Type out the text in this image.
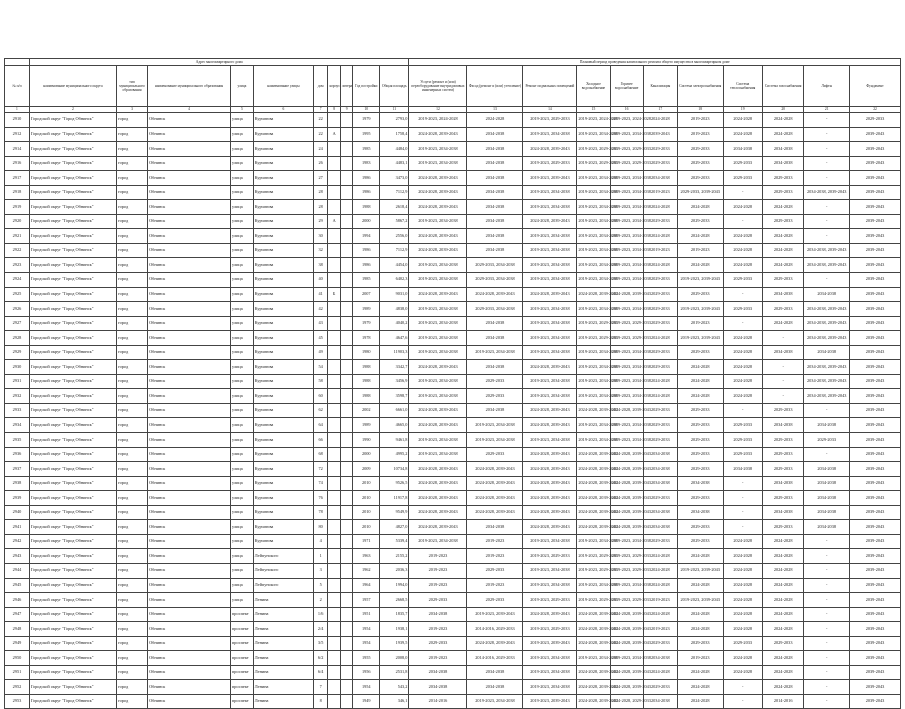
	Адрес многоквартирного дома										Плановый период проведения капитального ремонта общего имущества в многоквартирном доме										
№ п/п	наименование муниципального округа	тип муниципального образования	наименование муниципального образования	улица	наименование улицы	дом	корпус	литера	Год постройки	Общая площадь	Услуги (ремонт и (или) переоборудование внутридомовых инженерных систем)	Фасад (ремонт и (или) утепление)	Ремонт подвальных помещений	Холодное водоснабжение	Горячее водоснабжение	Канализация	Система электроснабжения	Система теплоснабжения	Система газоснабжения	Лифты	Фундамент
1	2	3	4	5	6	7	8	9	10	11	12	13	14	15	16	17	18	19	20	21	22
2910	Городской округ "Город Обнинск"	город	Обнинск	улица	Курчатова	22			1979	2793,0	2019-2023, 2024-2028	2024-2028	2019-2023, 2029-2033	2019-2023, 2024-2028	2019-2023, 2024-2028	2024-2028	2019-2023	2024-2028	2024-2028	-	2029-2033
2912	Городской округ "Город Обнинск"	город	Обнинск	улица	Курчатова	22	А		1995	1758,4	2024-2028, 2039-2043	2034-2038	2019-2023, 2034-2038	2019-2023, 2034-2038	2019-2023, 2034-2038	2039-2043	2019-2023	2024-2028	2024-2028	-	2039-2043
2914	Городской округ "Город Обнинск"	город	Обнинск	улица	Курчатова	24			1985	4484,0	2019-2023, 2034-2038	2034-2038	2024-2028, 2039-2043	2019-2023, 2029-2033	2019-2023, 2029-2033	2029-2033	2029-2033	2034-2038	2034-2038	-	2039-2043
2916	Городской округ "Город Обнинск"	город	Обнинск	улица	Курчатова	26			1983	4483,1	2019-2023, 2034-2038	2034-2038	2019-2023, 2029-2033	2019-2023, 2029-2033	2019-2023, 2029-2033	2029-2033	2029-2033	2029-2033	2034-2038	-	2039-2043
2917	Городской округ "Город Обнинск"	город	Обнинск	улица	Курчатова	27			1986	3473,0	2024-2028, 2039-2043	2034-2038	2019-2023, 2039-2043	2019-2023, 2034-2038	2019-2023, 2034-2038	2034-2038	2029-2033	2029-2033	2029-2033	-	2039-2043
2918	Городской округ "Город Обнинск"	город	Обнинск	улица	Курчатова	28			1986	7112,9	2024-2028, 2039-2043	2034-2038	2019-2023, 2034-2038	2019-2023, 2034-2038	2019-2023, 2034-2038	2019-2023	2029-2033, 2039-2043	-	2029-2033	2034-2038, 2039-2043	2039-2043
2919	Городской округ "Город Обнинск"	город	Обнинск	улица	Курчатова	28			1988	2618,4	2024-2028, 2039-2043	2034-2038	2019-2023, 2034-2038	2019-2023, 2034-2038	2019-2023, 2034-2038	2024-2028	2024-2028	2024-2028	2024-2028	-	2039-2043
2920	Городской округ "Город Обнинск"	город	Обнинск	улица	Курчатова	29	А		2000	5867,2	2019-2023, 2034-2038	2034-2038	2024-2028, 2039-2043	2019-2023, 2034-2038	2019-2023, 2034-2038	2029-2033	2029-2033	-	2029-2033	-	2039-2043
2921	Городской округ "Город Обнинск"	город	Обнинск	улица	Курчатова	30			1994	2556,0	2024-2028, 2039-2043	2034-2038	2019-2023, 2034-2038	2019-2023, 2034-2038	2019-2023, 2034-2038	2024-2028	2024-2028	2024-2028	2024-2028	-	2039-2043
2922	Городской округ "Город Обнинск"	город	Обнинск	улица	Курчатова	32			1986	7112,9	2024-2028, 2039-2043	2034-2038	2019-2023, 2034-2038	2019-2023, 2034-2038	2019-2023, 2034-2038	2019-2023	2019-2023	2024-2028	2024-2028	2034-2038, 2039-2043	2039-2043
2923	Городской округ "Город Обнинск"	город	Обнинск	улица	Курчатова	38			1986	4454,0	2019-2023, 2034-2038	2029-2033, 2034-2038	2019-2023, 2034-2038	2019-2023, 2034-2038	2019-2023, 2034-2038	2024-2028	2024-2028	2024-2028	2024-2028	2034-2038, 2039-2043	2039-2043
2924	Городской округ "Город Обнинск"	город	Обнинск	улица	Курчатова	40			1985	6402,3	2019-2023, 2034-2038	2029-2033, 2034-2038	2019-2023, 2034-2038	2019-2023, 2034-2038	2019-2023, 2034-2038	2029-2033	2019-2023, 2039-2043	2029-2033	2029-2033	-	2039-2043
2925	Городской округ "Город Обнинск"	город	Обнинск	улица	Курчатова	41	Б		2007	9031,0	2024-2028, 2039-2043	2024-2028, 2039-2043	2024-2028, 2039-2043	2024-2028, 2039-2043	2024-2028, 2039-2043	2029-2033	2029-2033	-	2034-2038	2034-2038	2039-2043
2926	Городской округ "Город Обнинск"	город	Обнинск	улица	Курчатова	42			1989	4838,0	2019-2023, 2034-2038	2029-2033, 2034-2038	2019-2023, 2034-2038	2019-2023, 2034-2038	2019-2023, 2034-2038	2029-2033	2019-2023, 2039-2043	2029-2033	2029-2033	2034-2038, 2039-2043	2039-2043
2927	Городской округ "Город Обнинск"	город	Обнинск	улица	Курчатова	43			1979	4040,2	2019-2023, 2034-2038	2034-2038	2019-2023, 2034-2038	2019-2023, 2029-2033	2019-2023, 2029-2033	2029-2033	2019-2023	-	2024-2028	2034-2038, 2039-2043	2039-2043
2928	Городской округ "Город Обнинск"	город	Обнинск	улица	Курчатова	45			1978	4647,6	2019-2023, 2034-2038	2034-2038	2019-2023, 2034-2038	2019-2023, 2029-2033	2019-2023, 2029-2033	2024-2028	2019-2023, 2039-2043	2024-2028	-	2034-2038, 2039-2043	2039-2043
2929	Городской округ "Город Обнинск"	город	Обнинск	улица	Курчатова	49			1980	11903,3	2019-2023, 2034-2038	2019-2023, 2034-2038	2019-2023, 2034-2038	2019-2023, 2034-2038	2019-2023, 2034-2038	2029-2033	2029-2033	2024-2028	2034-2038	2034-2038	2039-2043
2930	Городской округ "Город Обнинск"	город	Обнинск	улица	Курчатова	54			1988	3342,7	2024-2028, 2039-2043	2034-2038	2024-2028, 2039-2043	2019-2023, 2034-2038	2019-2023, 2034-2038	2029-2033	2024-2028	2024-2028	-	2034-2038, 2039-2043	2039-2043
2931	Городской округ "Город Обнинск"	город	Обнинск	улица	Курчатова	58			1988	3456,9	2019-2023, 2034-2038	2029-2033	2019-2023, 2034-2038	2019-2023, 2034-2038	2019-2023, 2034-2038	2024-2028	2024-2028	2024-2028	-	2034-2038, 2039-2043	2039-2043
2932	Городской округ "Город Обнинск"	город	Обнинск	улица	Курчатова	60			1988	3598,7	2019-2023, 2034-2038	2029-2033	2019-2023, 2034-2038	2019-2023, 2034-2038	2019-2023, 2034-2038	2024-2028	2024-2028	2024-2028	-	2034-2038, 2039-2043	2039-2043
2933	Городской округ "Город Обнинск"	город	Обнинск	улица	Курчатова	62			2002	6661,0	2024-2028, 2039-2043	2034-2038	2024-2028, 2039-2043	2024-2028, 2039-2043	2024-2028, 2039-2043	2029-2033	2029-2033	-	2029-2033	-	2039-2043
2934	Городской округ "Город Обнинск"	город	Обнинск	улица	Курчатова	64			1989	4665,0	2024-2028, 2039-2043	2019-2023, 2034-2038	2024-2028, 2039-2043	2019-2023, 2034-2038	2019-2023, 2034-2038	2029-2033	2029-2033	2029-2033	2034-2038	2034-2038	2039-2043
2935	Городской округ "Город Обнинск"	город	Обнинск	улица	Курчатова	66			1990	9461,8	2019-2023, 2034-2038	2019-2023, 2034-2038	2019-2023, 2034-2038	2019-2023, 2034-2038	2019-2023, 2034-2038	2029-2033	2029-2033	2029-2033	2029-2033	2029-2033	2039-2043
2936	Городской округ "Город Обнинск"	город	Обнинск	улица	Курчатова	68			2000	4995,2	2019-2023, 2034-2038	2029-2033	2024-2028, 2039-2043	2024-2028, 2039-2043	2024-2028, 2039-2043	2034-2038	2029-2033	2029-2033	2029-2033	-	2039-2043
2937	Городской округ "Город Обнинск"	город	Обнинск	улица	Курчатова	72			2009	10734,8	2024-2028, 2039-2043	2024-2028, 2039-2043	2024-2028, 2039-2043	2024-2028, 2039-2043	2024-2028, 2039-2043	2034-2038	2029-2033	2034-2038	2029-2033	2034-2038	2039-2043
2938	Городской округ "Город Обнинск"	город	Обнинск	улица	Курчатова	74			2010	9526,5	2024-2028, 2039-2043	2024-2028, 2039-2043	2024-2028, 2039-2043	2024-2028, 2039-2043	2024-2028, 2039-2043	2034-2038	2034-2038	-	2034-2038	2034-2038	2039-2043
2939	Городской округ "Город Обнинск"	город	Обнинск	улица	Курчатова	76			2010	11917,8	2024-2028, 2039-2043	2024-2028, 2039-2043	2024-2028, 2039-2043	2024-2028, 2039-2043	2024-2028, 2039-2043	2029-2033	2029-2033	-	2029-2033	2034-2038	2039-2043
2940	Городской округ "Город Обнинск"	город	Обнинск	улица	Курчатова	78			2010	9549,9	2024-2028, 2039-2043	2024-2028, 2039-2043	2024-2028, 2039-2043	2024-2028, 2039-2043	2024-2028, 2039-2043	2034-2038	2034-2038	-	2034-2038	2034-2038	2039-2043
2941	Городской округ "Город Обнинск"	город	Обнинск	улица	Курчатова	80			2010	4827,0	2024-2028, 2039-2043	2034-2038	2024-2028, 2039-2043	2024-2028, 2039-2043	2024-2028, 2039-2043	2034-2038	2029-2033	-	2029-2033	2034-2038	2039-2043
2942	Городской округ "Город Обнинск"	город	Обнинск	улица	Курчатова	4			1971	5339,4	2019-2023, 2034-2038	2019-2023	2019-2023, 2034-2038	2019-2023, 2034-2038	2019-2023, 2034-2038	2029-2033	2029-2033	2024-2028	2024-2028	-	2039-2043
2943	Городской округ "Город Обнинск"	город	Обнинск	улица	Лейпунского	1			1963	2155,2	2019-2023	2019-2023	2019-2023, 2029-2033	2019-2023, 2029-2033	2019-2023, 2029-2033	2024-2028	2024-2028	2024-2028	2024-2028	-	2039-2043
2944	Городской округ "Город Обнинск"	город	Обнинск	улица	Лейпунского	3			1962	2036,3	2019-2023	2029-2033	2019-2023, 2034-2038	2019-2023, 2029-2033	2019-2023, 2029-2033	2024-2028	2019-2023, 2039-2043	2024-2028	2024-2028	-	2039-2043
2945	Городской округ "Город Обнинск"	город	Обнинск	улица	Лейпунского	5			1964	1994,0	2019-2023	2019-2023	2019-2023, 2034-2038	2019-2023, 2034-2038	2019-2023, 2034-2038	2024-2028	2024-2028	2024-2028	2024-2028	-	2039-2043
2946	Городской округ "Город Обнинск"	город	Обнинск	улица	Ленина	2			1957	2668,5	2029-2033	2029-2033	2019-2023, 2029-2033	2019-2023, 2029-2033	2019-2023, 2029-2033	2019-2023	2019-2023, 2039-2043	2024-2028	2024-2028	-	2039-2043
2947	Городской округ "Город Обнинск"	город	Обнинск	проспект	Ленина	1/6			1951	1835,7	2034-2038	2019-2023, 2039-2043	2024-2028, 2039-2043	2024-2028, 2039-2043	2024-2028, 2039-2043	2024-2028	2024-2028	2024-2028	2024-2028	-	2039-2043
2948	Городской округ "Город Обнинск"	город	Обнинск	проспект	Ленина	2/4			1954	1938,1	2019-2023	2014-2016, 2029-2033	2019-2023, 2029-2033	2024-2028, 2039-2043	2024-2028, 2039-2043	2019-2023	2024-2028	2024-2028	2024-2028	-	2039-2043
2949	Городской округ "Город Обнинск"	город	Обнинск	проспект	Ленина	3/5			1954	1939,5	2029-2033	2024-2028, 2039-2043	2019-2023, 2039-2043	2024-2028, 2039-2043	2024-2028, 2039-2043	2029-2033	2029-2033	2029-2033	2029-2033	-	2039-2043
2950	Городской округ "Город Обнинск"	город	Обнинск	проспект	Ленина	6/2			1955	2008,0	2019-2023	2014-2016, 2029-2033	2019-2023, 2034-2038	2019-2023, 2034-2038	2019-2023, 2034-2038	2034-2038	2019-2023	2024-2028	2024-2028	-	2039-2043
2951	Городской округ "Город Обнинск"	город	Обнинск	проспект	Ленина	6/4			1956	2531,8	2034-2038	2034-2038	2019-2023, 2034-2038	2024-2028, 2039-2043	2024-2028, 2039-2043	2024-2028	2024-2028	2024-2028	2024-2028	-	2039-2043
2952	Городской округ "Город Обнинск"	город	Обнинск	проспект	Ленина	7			1954	543,2	2034-2038	2034-2038	2019-2023, 2034-2038	2024-2028, 2039-2043	2024-2028, 2039-2043	2029-2033	2024-2028	-	2024-2028	-	2039-2043
2953	Городской округ "Город Обнинск"	город	Обнинск	проспект	Ленина	8			1949	346,1	2014-2016	2019-2023, 2034-2038	2019-2023, 2039-2043	2024-2028, 2039-2043	2024-2028, 2029-2033	2034-2038	2024-2028	-	2014-2016	-	2039-2043
